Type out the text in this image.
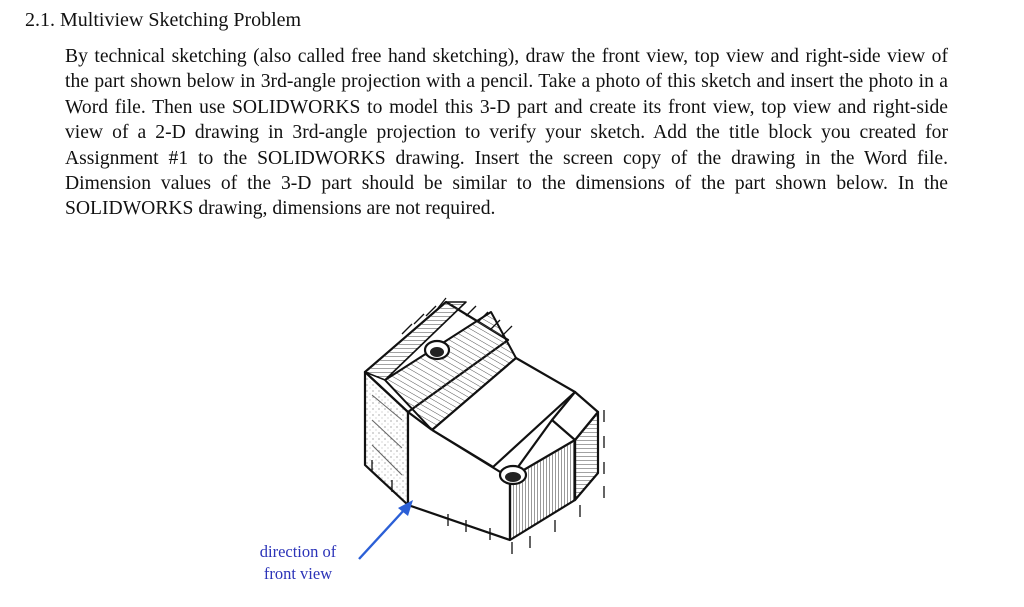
2.1. Multiview Sketching Problem
By technical sketching (also called free hand sketching), draw the front view, top view and right-side view of the part shown below in 3rd-angle projection with a pencil. Take a photo of this sketch and insert the photo in a Word file. Then use SOLIDWORKS to model this 3-D part and create its front view, top view and right-side view of a 2-D drawing in 3rd-angle projection to verify your sketch. Add the title block you created for Assignment #1 to the SOLIDWORKS drawing. Insert the screen copy of the drawing in the Word file. Dimension values of the 3-D part should be similar to the dimensions of the part shown below. In the SOLIDWORKS drawing, dimensions are not required.
direction of
front view
